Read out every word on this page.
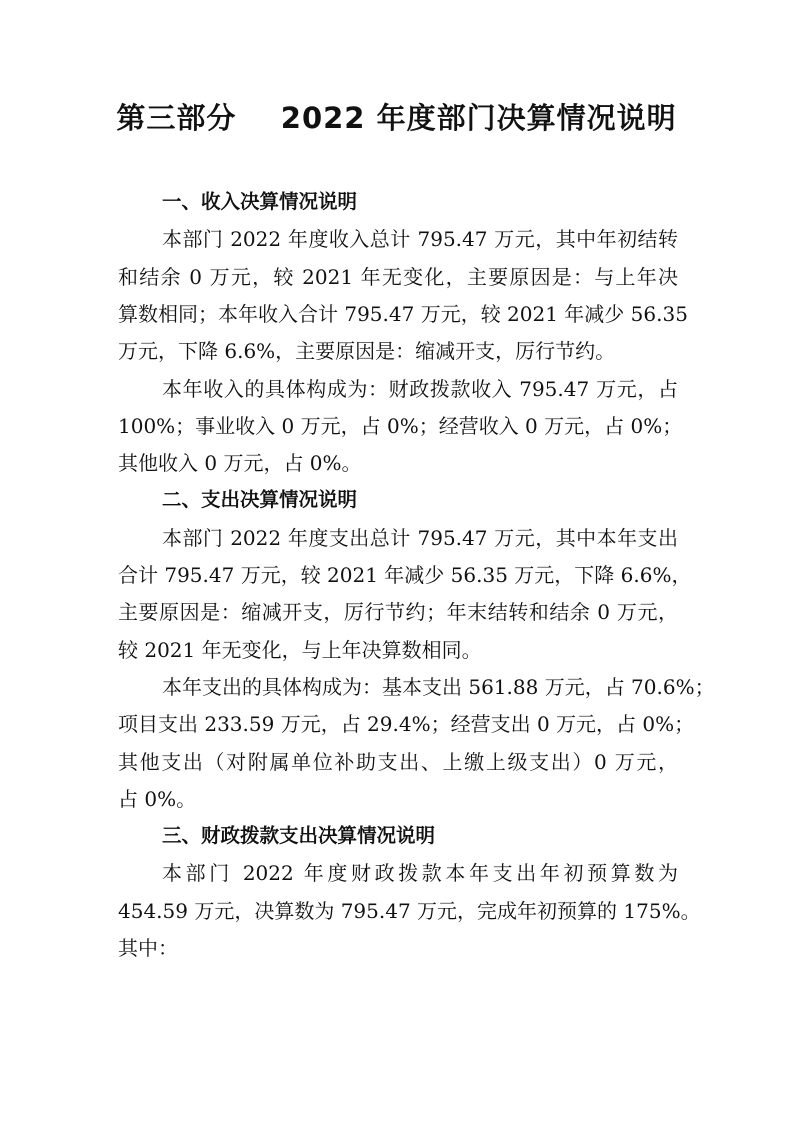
第三部分    2022 年度部门决算情况说明
一、收入决算情况说明
本部门 2022 年度收入总计 795.47 万元，其中年初结转
和结余 0 万元，较 2021 年无变化，主要原因是：与上年决
算数相同；本年收入合计 795.47 万元，较 2021 年减少 56.35
万元，下降 6.6%，主要原因是：缩减开支，厉行节约。
本年收入的具体构成为：财政拨款收入 795.47 万元，占
100%；事业收入 0 万元，占 0%；经营收入 0 万元，占 0%；
其他收入 0 万元，占 0%。
二、支出决算情况说明
本部门 2022 年度支出总计 795.47 万元，其中本年支出
合计 795.47 万元，较 2021 年减少 56.35 万元，下降 6.6%，
主要原因是：缩减开支，厉行节约；年末结转和结余 0 万元，
较 2021 年无变化，与上年决算数相同。
本年支出的具体构成为：基本支出 561.88 万元，占 70.6%；
项目支出 233.59 万元，占 29.4%；经营支出 0 万元，占 0%；
其他支出（对附属单位补助支出、上缴上级支出）0 万元，
占 0%。
三、财政拨款支出决算情况说明
本部门 2022 年度财政拨款本年支出年初预算数为
454.59 万元，决算数为 795.47 万元，完成年初预算的 175%。
其中：
